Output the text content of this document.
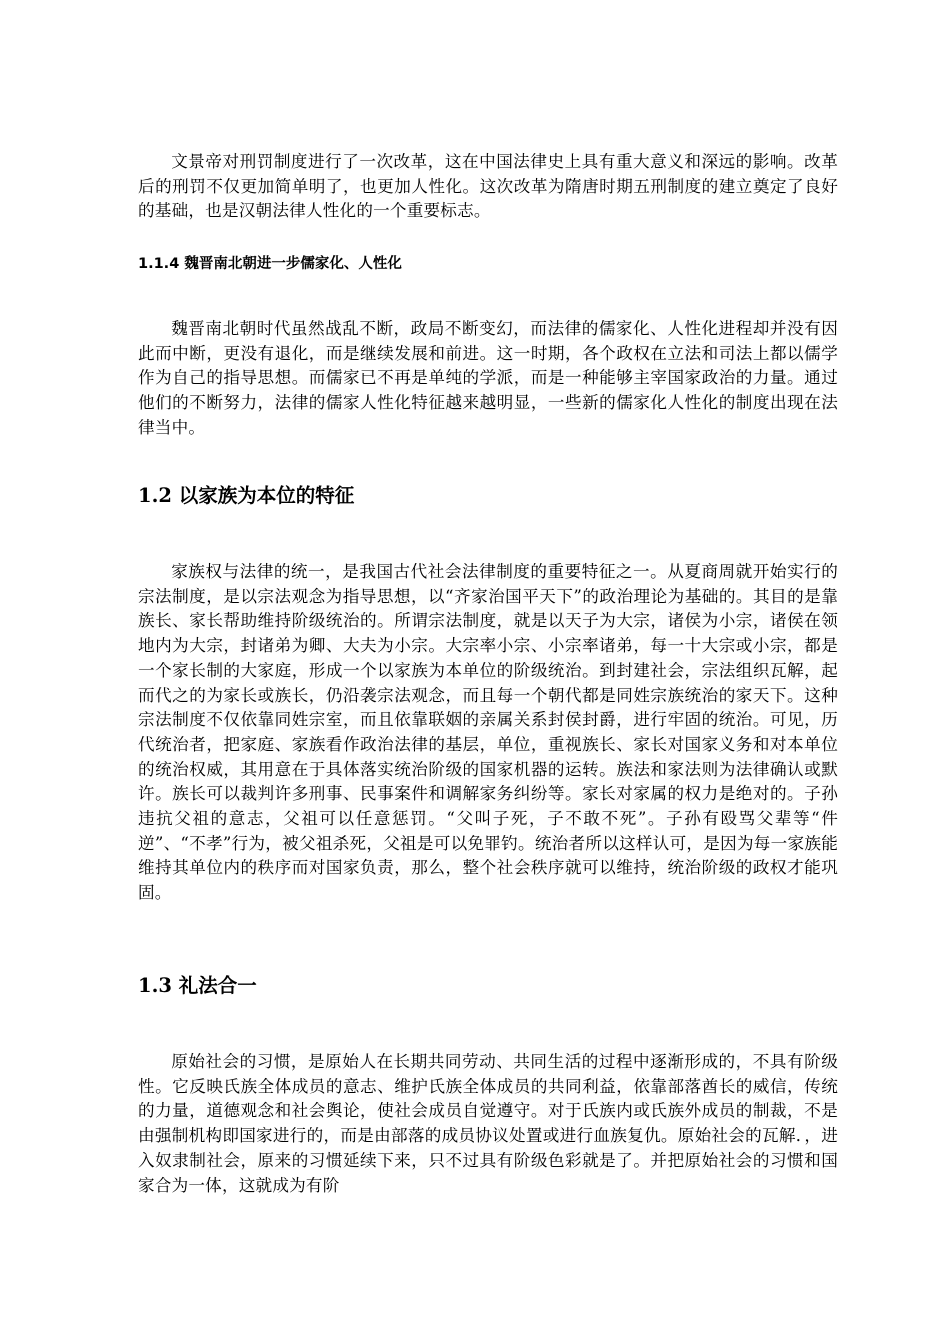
文景帝对刑罚制度进行了一次改革，这在中国法律史上具有重大意义和深远的影响。改革后的刑罚不仅更加简单明了，也更加人性化。这次改革为隋唐时期五刑制度的建立奠定了良好的基础，也是汉朝法律人性化的一个重要标志。

1.1.4 魏晋南北朝进一步儒家化、人性化

魏晋南北朝时代虽然战乱不断，政局不断变幻，而法律的儒家化、人性化进程却并没有因此而中断，更没有退化，而是继续发展和前进。这一时期，各个政权在立法和司法上都以儒学作为自己的指导思想。而儒家已不再是单纯的学派，而是一种能够主宰国家政治的力量。通过他们的不断努力，法律的儒家人性化特征越来越明显，一些新的儒家化人性化的制度出现在法律当中。

1.2 以家族为本位的特征

家族权与法律的统一，是我国古代社会法律制度的重要特征之一。从夏商周就开始实行的宗法制度，是以宗法观念为指导思想，以“齐家治国平天下”的政治理论为基础的。其目的是靠族长、家长帮助维持阶级统治的。所谓宗法制度，就是以天子为大宗，诸侯为小宗，诸侯在领地内为大宗，封诸弟为卿、大夫为小宗。大宗率小宗、小宗率诸弟，每一十大宗或小宗，都是一个家长制的大家庭，形成一个以家族为本单位的阶级统治。到封建社会，宗法组织瓦解，起而代之的为家长或族长，仍沿袭宗法观念，而且每一个朝代都是同姓宗族统治的家天下。这种宗法制度不仅依靠同姓宗室，而且依靠联姻的亲属关系封侯封爵，进行牢固的统治。可见，历代统治者，把家庭、家族看作政治法律的基层，单位，重视族长、家长对国家义务和对本单位的统治权威，其用意在于具体落实统治阶级的国家机器的运转。族法和家法则为法律确认或默许。族长可以裁判许多刑事、民事案件和调解家务纠纷等。家长对家属的权力是绝对的。子孙违抗父祖的意志，父祖可以任意惩罚。“父叫子死，子不敢不死”。子孙有殴骂父辈等“件逆”、“不孝”行为，被父祖杀死，父祖是可以免罪钓。统治者所以这样认可，是因为每一家族能维持其单位内的秩序而对国家负责，那么，整个社会秩序就可以维持，统治阶级的政权才能巩固。

1.3 礼法合一

原始社会的习惯，是原始人在长期共同劳动、共同生活的过程中逐渐形成的，不具有阶级性。它反映氏族全体成员的意志、维护氏族全体成员的共同利益，依靠部落酋长的威信，传统的力量，道德观念和社会舆论，使社会成员自觉遵守。对于氏族内或氏族外成员的制裁，不是由强制机构即国家进行的，而是由部落的成员协议处置或进行血族复仇。原始社会的瓦解．，进入奴隶制社会，原来的习惯延续下来，只不过具有阶级色彩就是了。并把原始社会的习惯和国家合为一体，这就成为有阶
